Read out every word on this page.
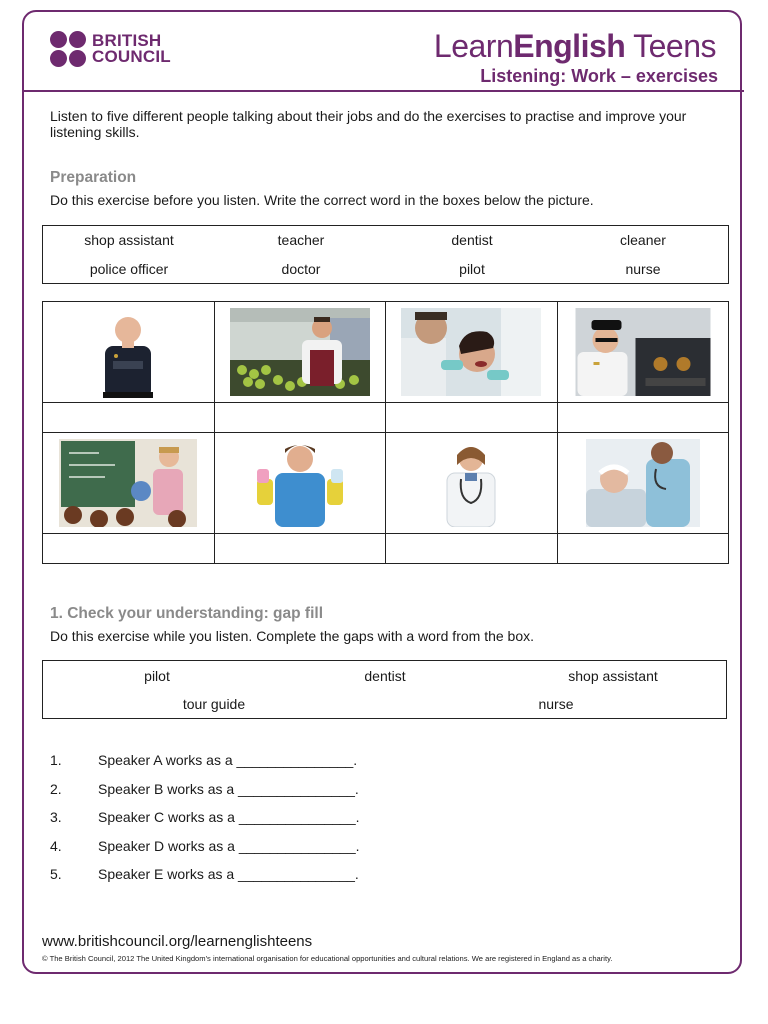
BRITISH
COUNCIL	LearnEnglish Teens
Listening: Work – exercises
Listen to five different people talking about their jobs and do the exercises to practise and improve your listening skills.
Preparation
Do this exercise before you listen. Write the correct word in the boxes below the picture.
shop assistant	teacher	dentist	cleaner
police officer	doctor	pilot	nurse

1. Check your understanding: gap fill
Do this exercise while you listen. Complete the gaps with a word from the box.
pilot	dentist	shop assistant
tour guide	nurse
1.	Speaker A works as a _______________.
2.	Speaker B works as a _______________.
3.	Speaker C works as a _______________.
4.	Speaker D works as a _______________.
5.	Speaker E works as a _______________.
www.britishcouncil.org/learnenglishteens
© The British Council, 2012 The United Kingdom's international organisation for educational opportunities and cultural relations. We are registered in England as a charity.
